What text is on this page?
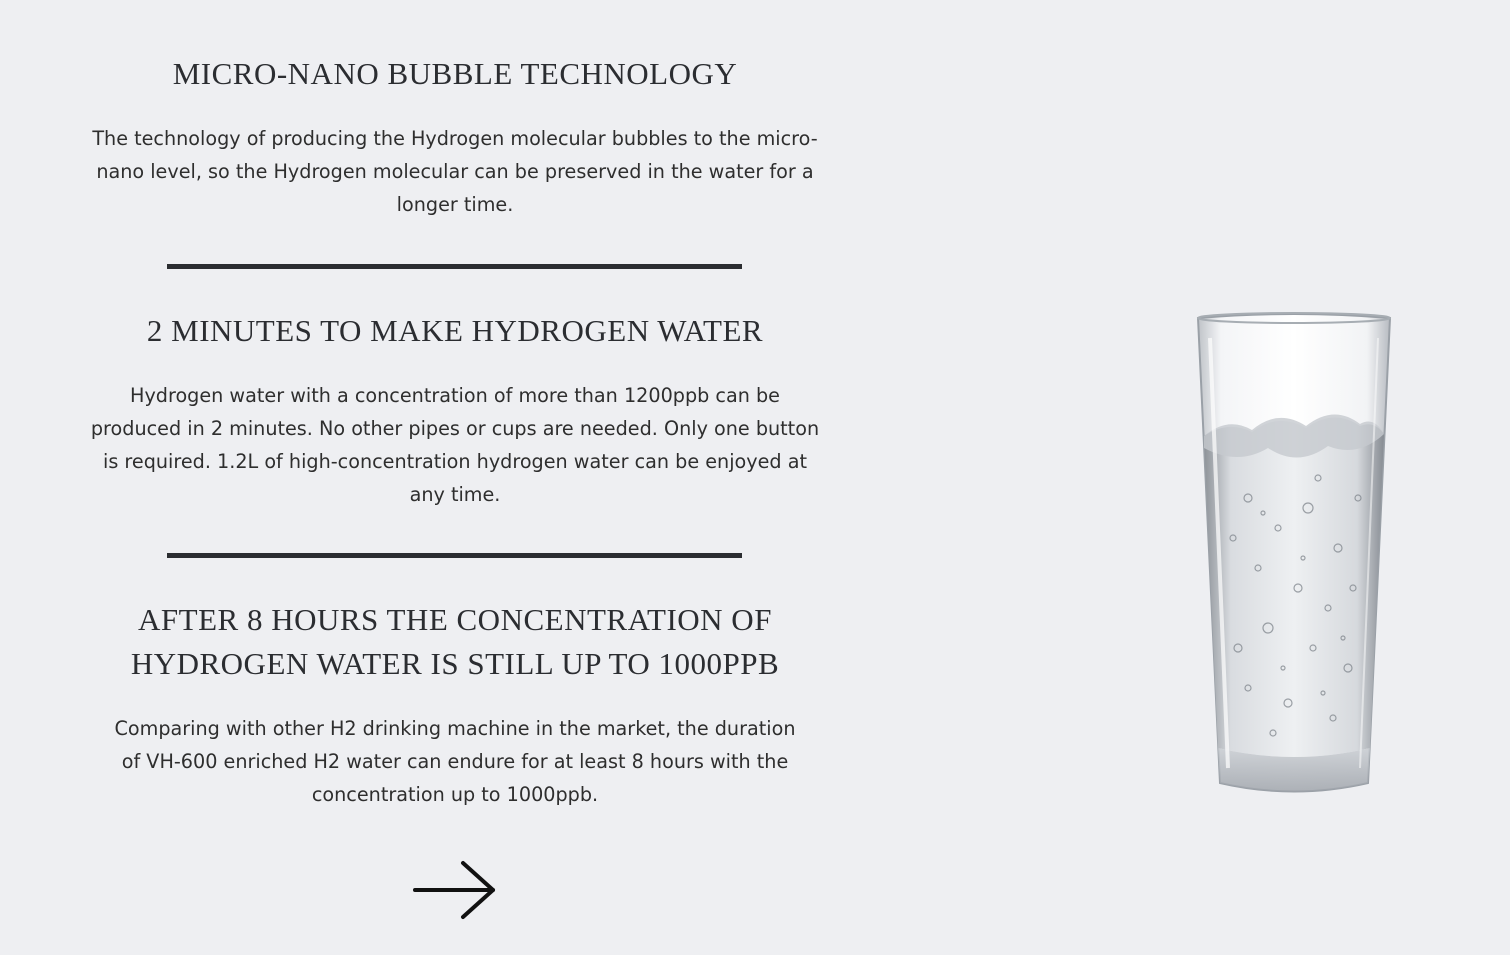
MICRO-NANO BUBBLE TECHNOLOGY

The technology of producing the Hydrogen molecular bubbles to the micro-nano level, so the Hydrogen molecular can be preserved in the water for a longer time.

2 MINUTES TO MAKE HYDROGEN WATER

Hydrogen water with a concentration of more than 1200ppb can be produced in 2 minutes. No other pipes or cups are needed. Only one button is required. 1.2L of high-concentration hydrogen water can be enjoyed at any time.

AFTER 8 HOURS THE CONCENTRATION OF HYDROGEN WATER IS STILL UP TO 1000PPB

Comparing with other H2 drinking machine in the market, the duration of VH-600 enriched H2 water can endure for at least 8 hours with the concentration up to 1000ppb.
